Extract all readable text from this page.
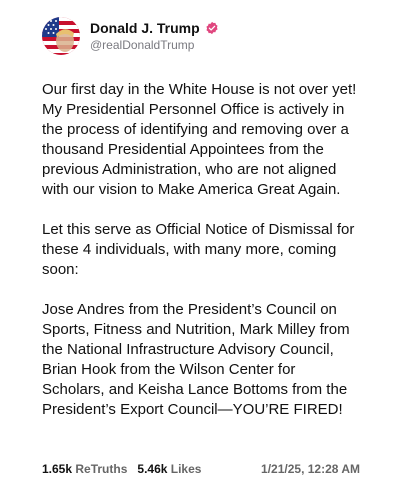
Donald J. Trump
@realDonaldTrump

Our first day in the White House is not over yet! My Presidential Personnel Office is actively in the process of identifying and removing over a thousand Presidential Appointees from the previous Administration, who are not aligned with our vision to Make America Great Again.

Let this serve as Official Notice of Dismissal for these 4 individuals, with many more, coming soon:

Jose Andres from the President’s Council on Sports, Fitness and Nutrition, Mark Milley from the National Infrastructure Advisory Council, Brian Hook from the Wilson Center for Scholars, and Keisha Lance Bottoms from the President’s Export Council—YOU’RE FIRED!

1.65k ReTruths 5.46k Likes	1/21/25, 12:28 AM
